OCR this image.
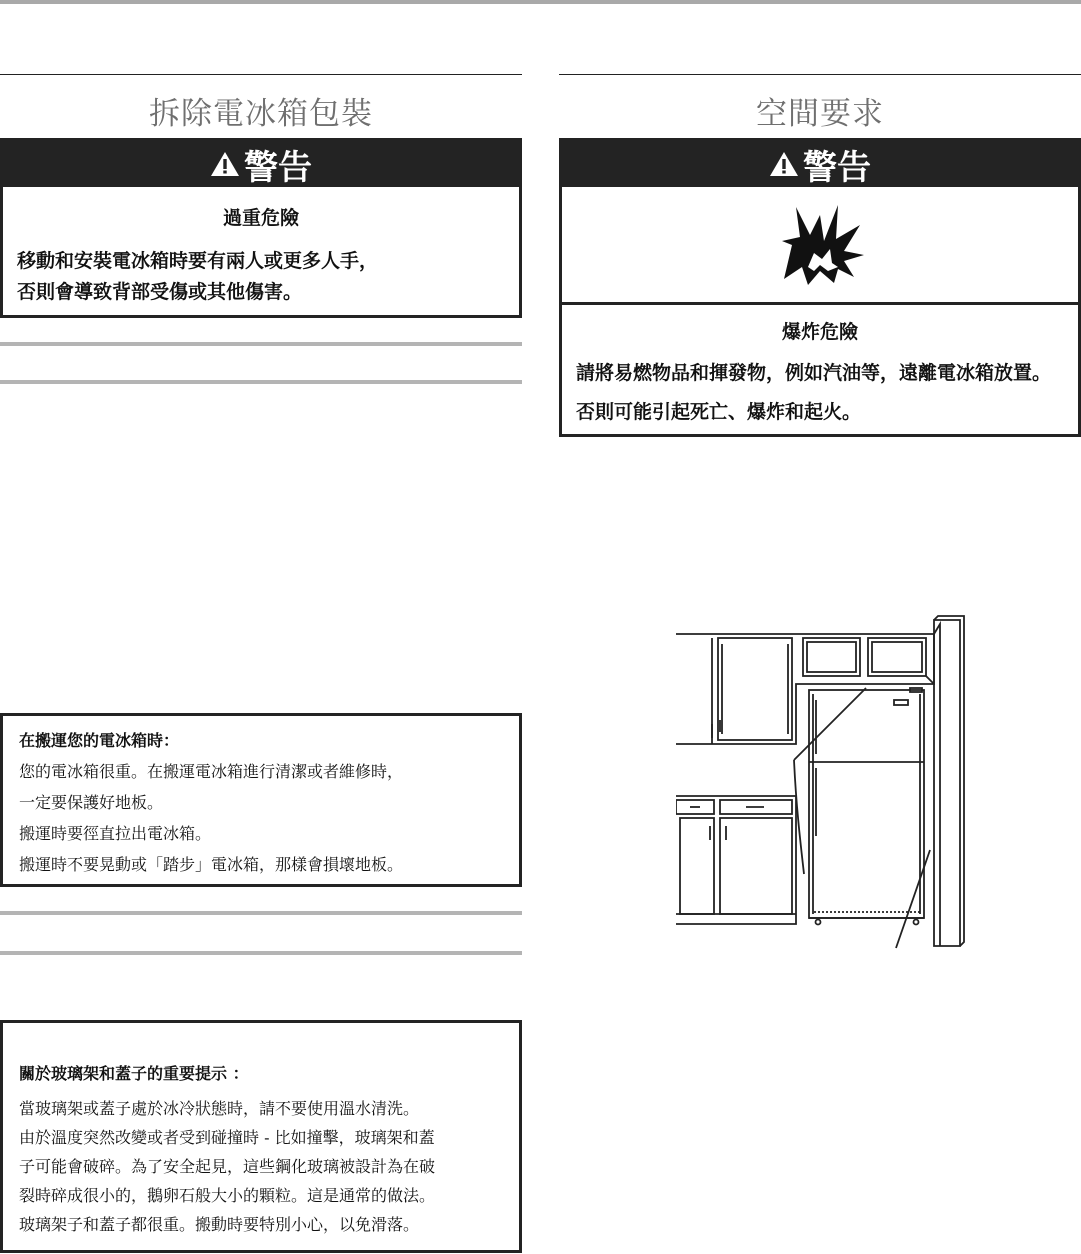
拆除電冰箱包裝
警告
過重危險
移動和安裝電冰箱時要有兩人或更多人手，
否則會導致背部受傷或其他傷害。
在搬運您的電冰箱時：
您的電冰箱很重。在搬運電冰箱進行清潔或者維修時，
一定要保護好地板。
搬運時要徑直拉出電冰箱。
搬運時不要晃動或「踏步」電冰箱，那樣會損壞地板。
關於玻璃架和蓋子的重要提示 ：
當玻璃架或蓋子處於冰冷狀態時，請不要使用溫水清洗。
由於溫度突然改變或者受到碰撞時 - 比如撞擊，玻璃架和蓋
子可能會破碎。為了安全起見，這些鋼化玻璃被設計為在破
裂時碎成很小的，鵝卵石般大小的顆粒。這是通常的做法。
玻璃架子和蓋子都很重。搬動時要特別小心，以免滑落。
空間要求
警告
爆炸危險
請將易燃物品和揮發物，例如汽油等，遠離電冰箱放置。
否則可能引起死亡、爆炸和起火。
